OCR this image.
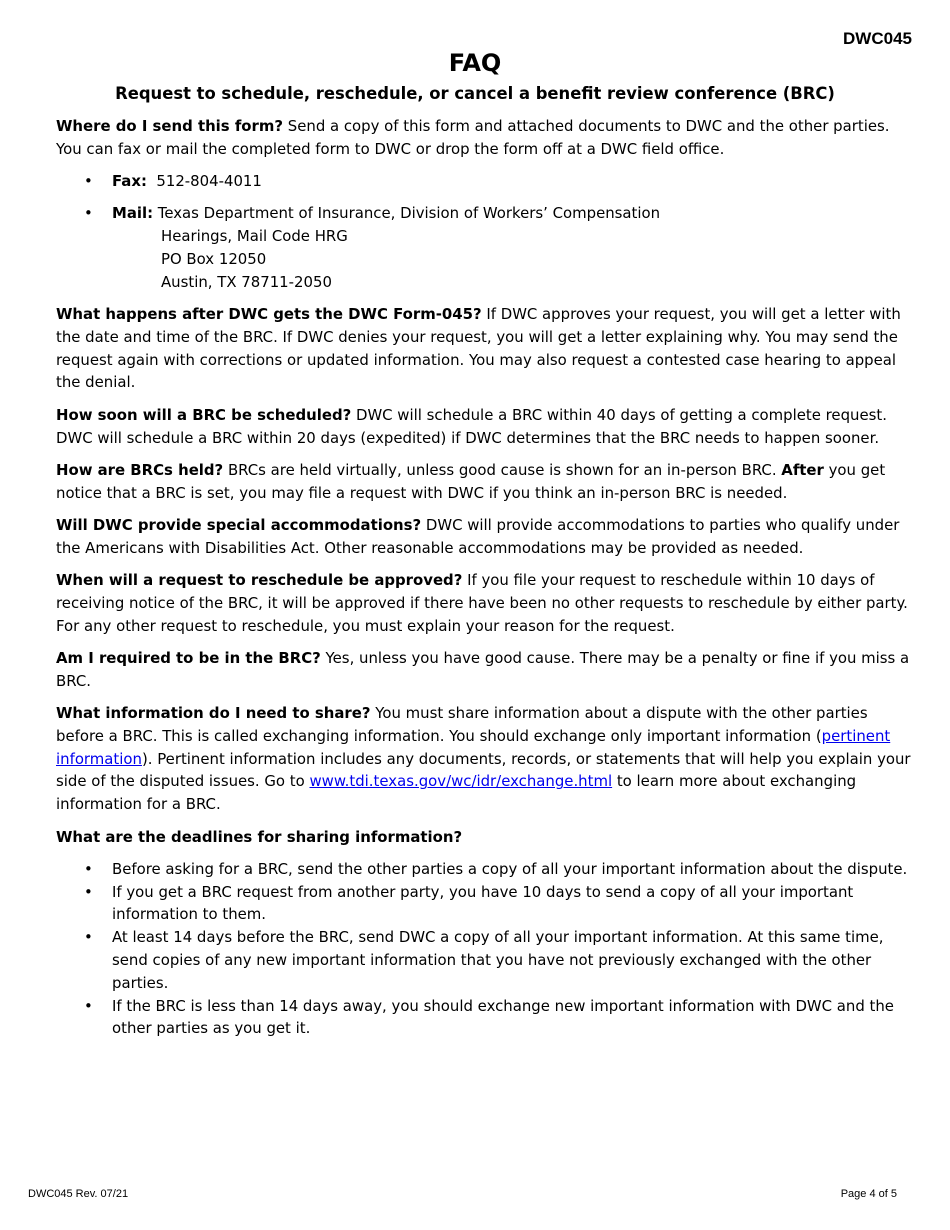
DWC045
FAQ
Request to schedule, reschedule, or cancel a benefit review conference (BRC)

Where do I send this form? Send a copy of this form and attached documents to DWC and the other parties. You can fax or mail the completed form to DWC or drop the form off at a DWC field office.

• Fax: 512-804-4011
• Mail: Texas Department of Insurance, Division of Workers’ Compensation
Hearings, Mail Code HRG
PO Box 12050
Austin, TX 78711-2050

What happens after DWC gets the DWC Form-045? If DWC approves your request, you will get a letter with the date and time of the BRC. If DWC denies your request, you will get a letter explaining why. You may send the request again with corrections or updated information. You may also request a contested case hearing to appeal the denial.

How soon will a BRC be scheduled? DWC will schedule a BRC within 40 days of getting a complete request. DWC will schedule a BRC within 20 days (expedited) if DWC determines that the BRC needs to happen sooner.

How are BRCs held? BRCs are held virtually, unless good cause is shown for an in-person BRC. After you get notice that a BRC is set, you may file a request with DWC if you think an in-person BRC is needed.

Will DWC provide special accommodations? DWC will provide accommodations to parties who qualify under the Americans with Disabilities Act. Other reasonable accommodations may be provided as needed.

When will a request to reschedule be approved? If you file your request to reschedule within 10 days of receiving notice of the BRC, it will be approved if there have been no other requests to reschedule by either party. For any other request to reschedule, you must explain your reason for the request.

Am I required to be in the BRC? Yes, unless you have good cause. There may be a penalty or fine if you miss a BRC.

What information do I need to share? You must share information about a dispute with the other parties before a BRC. This is called exchanging information. You should exchange only important information (pertinent information). Pertinent information includes any documents, records, or statements that will help you explain your side of the disputed issues. Go to www.tdi.texas.gov/wc/idr/exchange.html to learn more about exchanging information for a BRC.

What are the deadlines for sharing information?

• Before asking for a BRC, send the other parties a copy of all your important information about the dispute.
• If you get a BRC request from another party, you have 10 days to send a copy of all your important information to them.
• At least 14 days before the BRC, send DWC a copy of all your important information. At this same time, send copies of any new important information that you have not previously exchanged with the other parties.
• If the BRC is less than 14 days away, you should exchange new important information with DWC and the other parties as you get it.
DWC045 Rev. 07/21	Page 4 of 5
